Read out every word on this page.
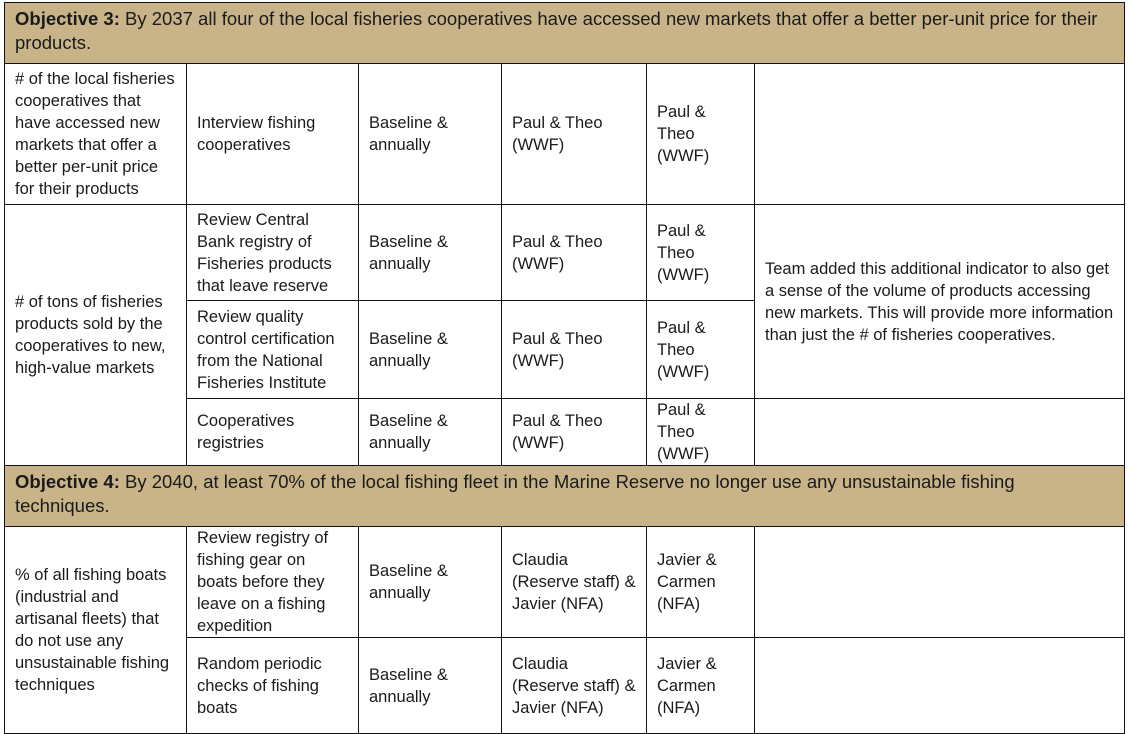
Objective 3: By 2037 all four of the local fisheries cooperatives have accessed new markets that offer a better per-unit price for their products.					
# of the local fisheries cooperatives that have accessed new markets that offer a better per-unit price for their products	Interview fishing cooperatives	Baseline & annually	Paul & Theo (WWF)	Paul & Theo (WWF)	
# of tons of fisheries products sold by the cooperatives to new, high-value markets	Review Central Bank registry of Fisheries products that leave reserve	Baseline & annually	Paul & Theo (WWF)	Paul & Theo (WWF)	Team added this additional indicator to also get a sense of the volume of products accessing new markets. This will provide more information than just the # of fisheries cooperatives.
	Review quality control certification from the National Fisheries Institute	Baseline & annually	Paul & Theo (WWF)	Paul & Theo (WWF)	
	Cooperatives registries	Baseline & annually	Paul & Theo (WWF)	Paul & Theo (WWF)	
Objective 4: By 2040, at least 70% of the local fishing fleet in the Marine Reserve no longer use any unsustainable fishing techniques.					
% of all fishing boats (industrial and artisanal fleets) that do not use any unsustainable fishing techniques	Review registry of fishing gear on boats before they leave on a fishing expedition	Baseline & annually	Claudia (Reserve staff) & Javier (NFA)	Javier & Carmen (NFA)	
	Random periodic checks of fishing boats	Baseline & annually	Claudia (Reserve staff) & Javier (NFA)	Javier & Carmen (NFA)	
